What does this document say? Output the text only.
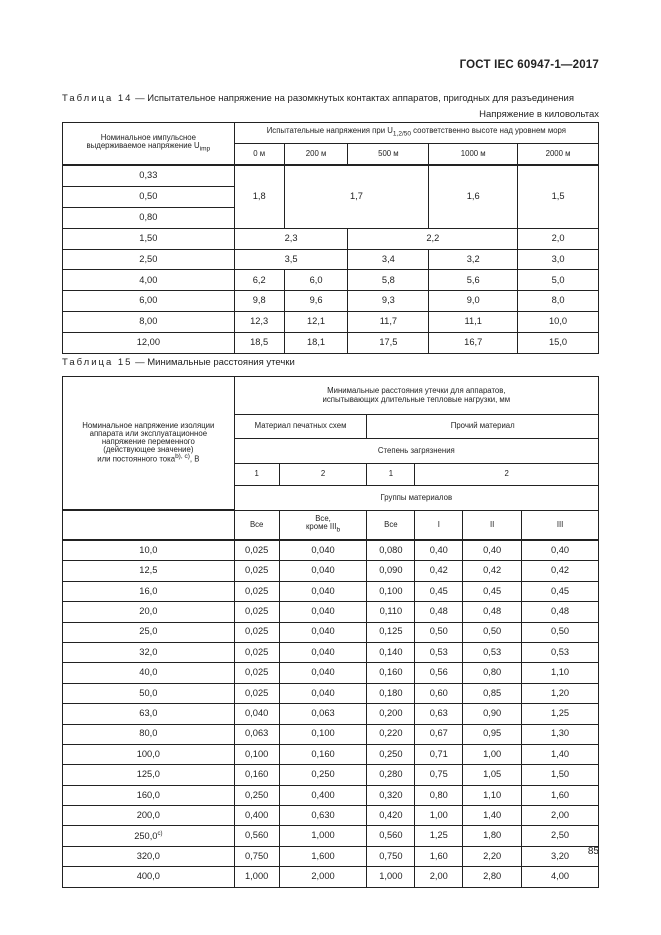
ГОСТ IEC 60947-1—2017
Таблица 14 — Испытательное напряжение на разомкнутых контактах аппаратов, пригодных для разъединения
Напряжение в киловольтах
Номинальное импульсное
выдерживаемое напряжение $U_{imp}$	Испытательные напряжения при $U_{1,2/50}$ соответственно высоте над уровнем моря				
	0 м	200 м	500 м	1000 м	2000 м
0,33	1,8	1,7		1,6	1,5
0,50					
0,80					
1,50	2,3		2,2		2,0
2,50	3,5		3,4	3,2	3,0
4,00	6,2	6,0	5,8	5,6	5,0
6,00	9,8	9,6	9,3	9,0	8,0
8,00	12,3	12,1	11,7	11,1	10,0
12,00	18,5	18,1	17,5	16,7	15,0
Таблица 15 — Минимальные расстояния утечки
Номинальное напряжение изоляции
аппарата или эксплуатационное
напряжение переменного
(действующее значение)
или постоянного тока$^{b), c)}$, В	Минимальные расстояния утечки для аппаратов,
испытывающих длительные тепловые нагрузки, мм					
	Материал печатных схем		Прочий материал			
	Степень загрязнения					
	1	2	1	2		
	Группы материалов					
	Все	Все,
кроме $III_b$	Все	I	II	III
10,0	0,025	0,040	0,080	0,40	0,40	0,40
12,5	0,025	0,040	0,090	0,42	0,42	0,42
16,0	0,025	0,040	0,100	0,45	0,45	0,45
20,0	0,025	0,040	0,110	0,48	0,48	0,48
25,0	0,025	0,040	0,125	0,50	0,50	0,50
32,0	0,025	0,040	0,140	0,53	0,53	0,53
40,0	0,025	0,040	0,160	0,56	0,80	1,10
50,0	0,025	0,040	0,180	0,60	0,85	1,20
63,0	0,040	0,063	0,200	0,63	0,90	1,25
80,0	0,063	0,100	0,220	0,67	0,95	1,30
100,0	0,100	0,160	0,250	0,71	1,00	1,40
125,0	0,160	0,250	0,280	0,75	1,05	1,50
160,0	0,250	0,400	0,320	0,80	1,10	1,60
200,0	0,400	0,630	0,420	1,00	1,40	2,00
250,0$^{c)}$	0,560	1,000	0,560	1,25	1,80	2,50
320,0	0,750	1,600	0,750	1,60	2,20	3,20
400,0	1,000	2,000	1,000	2,00	2,80	4,00
85
